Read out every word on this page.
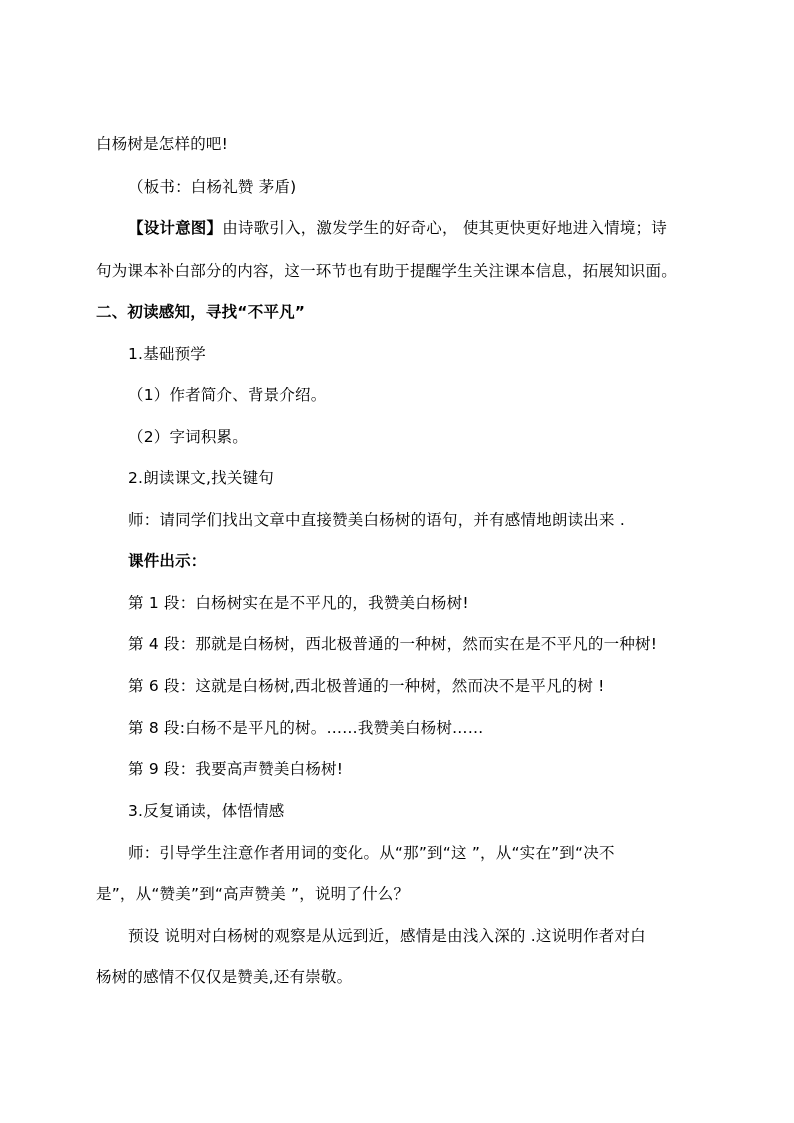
白杨树是怎样的吧!
（板书：白杨礼赞 茅盾)
【设计意图】由诗歌引入，激发学生的好奇心， 使其更快更好地进入情境；诗
句为课本补白部分的内容，这一环节也有助于提醒学生关注课本信息，拓展知识面。
二、初读感知，寻找“不平凡”
1.基础预学
（1）作者简介、背景介绍。
（2）字词积累。
2.朗读课文,找关键句
师：请同学们找出文章中直接赞美白杨树的语句，并有感情地朗读出来 .
课件出示：
第 1 段：白杨树实在是不平凡的，我赞美白杨树!
第 4 段：那就是白杨树，西北极普通的一种树，然而实在是不平凡的一种树!
第 6 段：这就是白杨树,西北极普通的一种树，然而决不是平凡的树 !
第 8 段:白杨不是平凡的树。……我赞美白杨树……
第 9 段：我要高声赞美白杨树!
3.反复诵读，体悟情感
师：引导学生注意作者用词的变化。从“那”到“这 ”，从“实在”到“决不
是”，从“赞美”到“高声赞美 ”，说明了什么？
预设 说明对白杨树的观察是从远到近，感情是由浅入深的 .这说明作者对白
杨树的感情不仅仅是赞美,还有崇敬。
